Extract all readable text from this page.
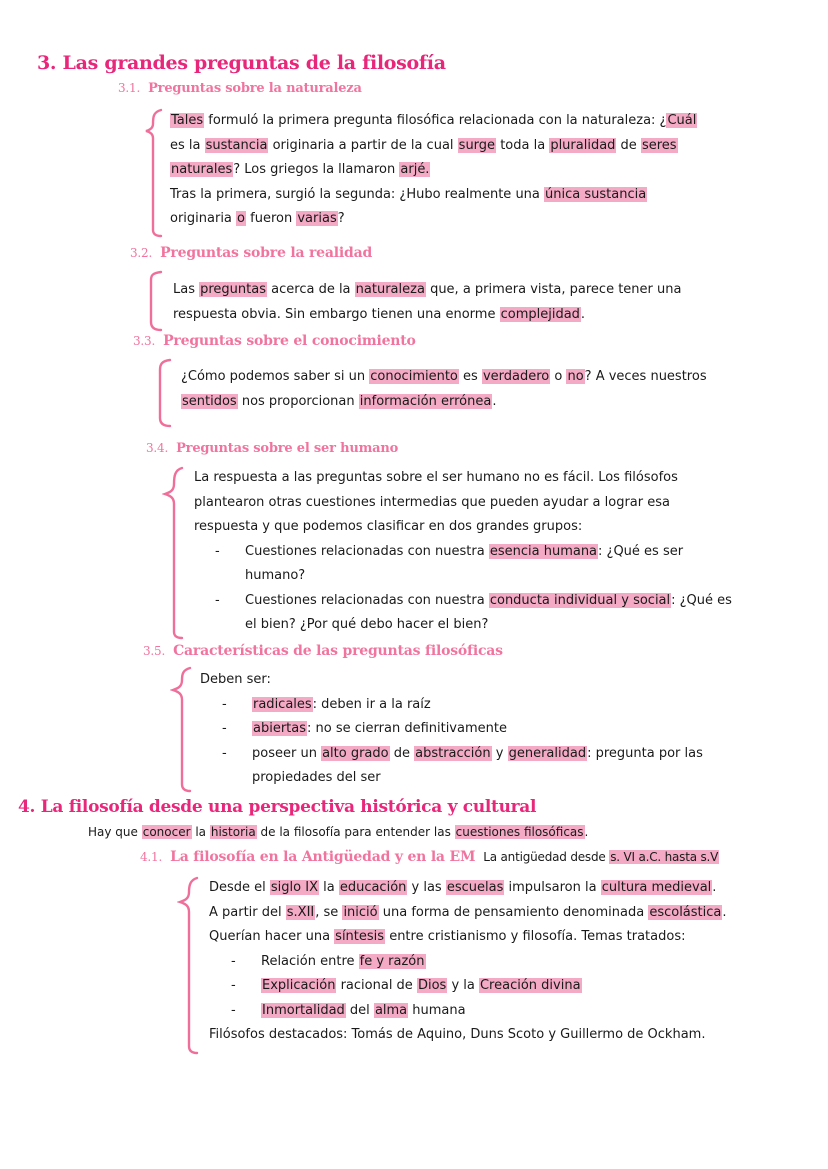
3. Las grandes preguntas de la filosofía
3.1. Preguntas sobre la naturaleza
Tales formuló la primera pregunta filosófica relacionada con la naturaleza: ¿Cuál
es la sustancia originaria a partir de la cual surge toda la pluralidad de seres
naturales? Los griegos la llamaron arjé.
Tras la primera, surgió la segunda: ¿Hubo realmente una única sustancia
originaria o fueron varias?
3.2. Preguntas sobre la realidad
Las preguntas acerca de la naturaleza que, a primera vista, parece tener una
respuesta obvia. Sin embargo tienen una enorme complejidad.
3.3. Preguntas sobre el conocimiento
¿Cómo podemos saber si un conocimiento es verdadero o no? A veces nuestros
sentidos nos proporcionan información errónea.
3.4. Preguntas sobre el ser humano
La respuesta a las preguntas sobre el ser humano no es fácil. Los filósofos
plantearon otras cuestiones intermedias que pueden ayudar a lograr esa
respuesta y que podemos clasificar en dos grandes grupos:
- Cuestiones relacionadas con nuestra esencia humana: ¿Qué es ser
humano?
- Cuestiones relacionadas con nuestra conducta individual y social: ¿Qué es
el bien? ¿Por qué debo hacer el bien?
3.5. Características de las preguntas filosóficas
Deben ser:
- radicales: deben ir a la raíz
- abiertas: no se cierran definitivamente
- poseer un alto grado de abstracción y generalidad: pregunta por las
propiedades del ser
4. La filosofía desde una perspectiva histórica y cultural
Hay que conocer la historia de la filosofía para entender las cuestiones filosóficas.
4.1. La filosofía en la Antigüedad y en la EM La antigüedad desde s. VI a.C. hasta s.V
Desde el siglo IX la educación y las escuelas impulsaron la cultura medieval.
A partir del s.XII, se inició una forma de pensamiento denominada escolástica.
Querían hacer una síntesis entre cristianismo y filosofía. Temas tratados:
- Relación entre fe y razón
- Explicación racional de Dios y la Creación divina
- Inmortalidad del alma humana
Filósofos destacados: Tomás de Aquino, Duns Scoto y Guillermo de Ockham.
